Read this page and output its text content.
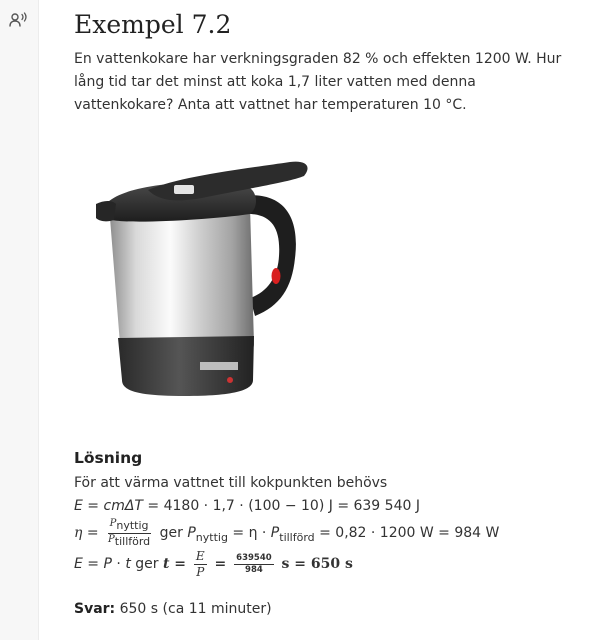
Exempel 7.2

En vattenkokare har verkningsgraden 82 % och effekten 1200 W. Hur lång tid tar det minst att koka 1,7 liter vatten med denna vattenkokare? Anta att vattnet har temperaturen 10 °C.

Lösning
För att värma vattnet till kokpunkten behövs
E = cmΔT = 4180 · 1,7 · (100 − 10) J = 639 540 J
$\eta = \frac{P_{nyttig}}{P_{tillförd}}$ ger $P_{nyttig} = \eta \cdot P_{tillförd} = 0,82 \cdot 1200$ W = 984 W
E = P · t ger $t = \frac{E}{P} = \frac{639540}{984}$ s = 650 s
Svar: 650 s (ca 11 minuter)
